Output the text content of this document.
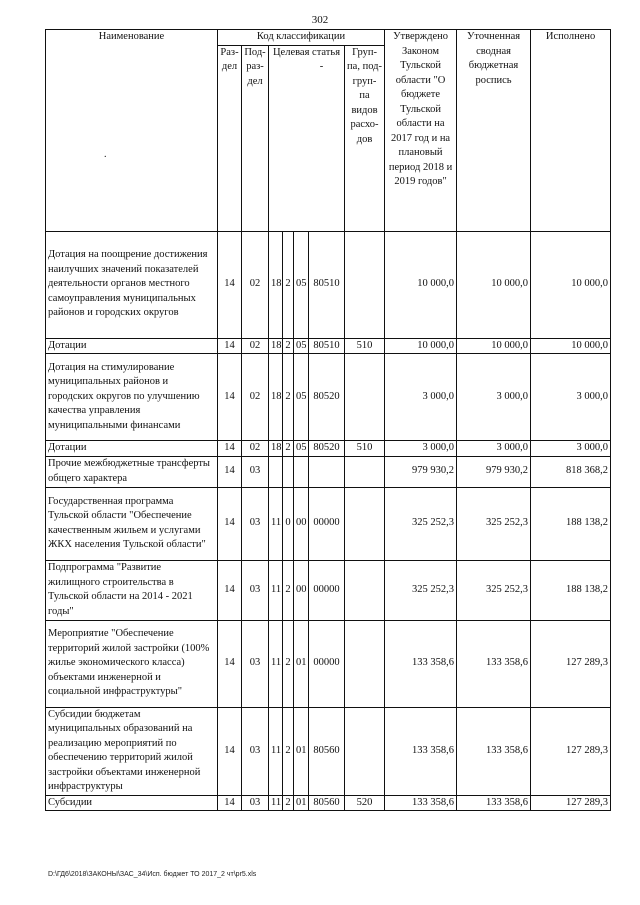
302
Наименование
.	Код классификации							Утверждено Законом Тульской области "О бюджете Тульской области на 2017 год и на плановый период 2018 и 2019 годов"	Уточненная сводная бюджетная роспись	Исполнено
	Раз- дел	Под- раз- дел	Целевая статья
-				Груп- па, под- груп- па видов расхо- дов			
Дотация на поощрение достижения наилучших значений показателей деятельности органов местного самоуправления муниципальных районов и городских округов	14	02	18	2	05	80510		10 000,0	10 000,0	10 000,0
Дотации	14	02	18	2	05	80510	510	10 000,0	10 000,0	10 000,0
Дотация на стимулирование муниципальных районов и городских округов по улучшению качества управления муниципальными финансами	14	02	18	2	05	80520		3 000,0	3 000,0	3 000,0
Дотации	14	02	18	2	05	80520	510	3 000,0	3 000,0	3 000,0
Прочие межбюджетные трансферты общего характера	14	03						979 930,2	979 930,2	818 368,2
Государственная программа Тульской области "Обеспечение качественным жильем и услугами ЖКХ населения Тульской области"	14	03	11	0	00	00000		325 252,3	325 252,3	188 138,2
Подпрограмма "Развитие жилищного строительства в Тульской области на 2014 - 2021 годы"	14	03	11	2	00	00000		325 252,3	325 252,3	188 138,2
Мероприятие "Обеспечение территорий жилой застройки (100% жилье экономического класса) объектами инженерной и социальной инфраструктуры"	14	03	11	2	01	00000		133 358,6	133 358,6	127 289,3
Субсидии бюджетам муниципальных образований на реализацию мероприятий по обеспечению территорий жилой застройки объектами инженерной инфраструктуры	14	03	11	2	01	80560		133 358,6	133 358,6	127 289,3
Субсидии	14	03	11	2	01	80560	520	133 358,6	133 358,6	127 289,3
D:\ГД6\2018\ЗАКОНЫ\ЗАС_34\Исп. бюджет ТО 2017_2 чт\pr5.xls
